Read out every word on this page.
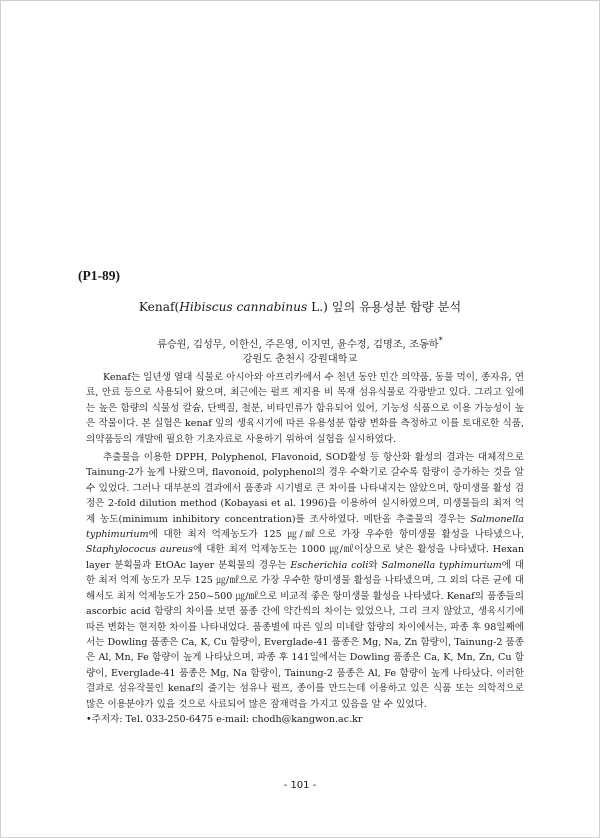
(P1-89)
Kenaf(Hibiscus cannabinus L.) 잎의 유용성분 함량 분석
류승원, 김성무, 이한신, 주은영, 이지연, 윤수정, 김명조, 조동하*
강원도 춘천시 강원대학교

Kenaf는 일년생 열대 식물로 아시아와 아프리카에서 수 천년 동안 민간 의약품, 동물 먹이, 종자유, 연료, 안료 등으로 사용되어 왔으며, 최근에는 펄프 제지용 비 목재 섬유식물로 각광받고 있다. 그리고 잎에는 높은 함량의 식물성 칼슘, 단백질, 철분, 비타민류가 함유되어 있어, 기능성 식품으로 이용 가능성이 높은 작물이다. 본 실험은 kenaf 잎의 생육시기에 따른 유용성분 함량 변화를 측정하고 이를 토대로한 식품, 의약품등의 개발에 필요한 기초자료로 사용하기 위하여 실험을 실시하였다.

추출물을 이용한 DPPH, Polyphenol, Flavonoid, SOD활성 등 항산화 활성의 결과는 대체적으로 Tainung-2가 높게 나왔으며, flavonoid, polyphenol의 경우 수확기로 갈수록 함량이 증가하는 것을 알 수 있었다. 그러나 대부분의 결과에서 품종과 시기별로 큰 차이를 나타내지는 않았으며, 항미생물 활성 검정은 2-fold dilution method (Kobayasi et al. 1996)을 이용하여 실시하였으며, 미생물들의 최저 억제 농도(minimum inhibitory concentration)를 조사하였다. 메탄올 추출물의 경우는 Salmonella typhimurium에 대한 최저 억제농도가 125 ㎍/㎖으로 가장 우수한 항미생물 활성을 나타냈으나, Staphylococus aureus에 대한 최저 억제농도는 1000 ㎍/㎖이상으로 낮은 활성을 나타냈다. Hexan layer 분획물과 EtOAc layer 분획물의 경우는 Escherichia coli와 Salmonella typhimurium에 대한 최저 억제 농도가 모두 125 ㎍/㎖으로 가장 우수한 항미생물 활성을 나타냈으며, 그 외의 다른 균에 대해서도 최저 억제농도가 250~500 ㎍/㎖으로 비교적 좋은 항미생물 활성을 나타냈다. Kenaf의 품종들의 ascorbic acid 함량의 차이를 보면 품종 간에 약간씩의 차이는 있었으나, 그리 크지 않았고, 생육시기에 따른 변화는 현저한 차이를 나타내었다. 품종별에 따른 잎의 미네랄 함량의 차이에서는, 파종 후 98일째에서는 Dowling 품종은 Ca, K, Cu 함량이, Everglade-41 품종은 Mg, Na, Zn 함량이, Tainung-2 품종은 Al, Mn, Fe 함량이 높게 나타났으며, 파종 후 141일에서는 Dowling 품종은 Ca, K, Mn, Zn, Cu 함량이, Everglade-41 품종은 Mg, Na 함량이, Tainung-2 품종은 Al, Fe 함량이 높게 나타났다. 이러한 결과로 섬유작물인 kenaf의 줄기는 섬유나 펄프, 종이를 만드는데 이용하고 있은 식품 또는 의학적으로 많은 이용분야가 있을 것으로 사료되어 많은 잠재력을 가지고 있음을 알 수 있었다.

•주저자: Tel. 033-250-6475 e-mail: chodh@kangwon.ac.kr
- 101 -
